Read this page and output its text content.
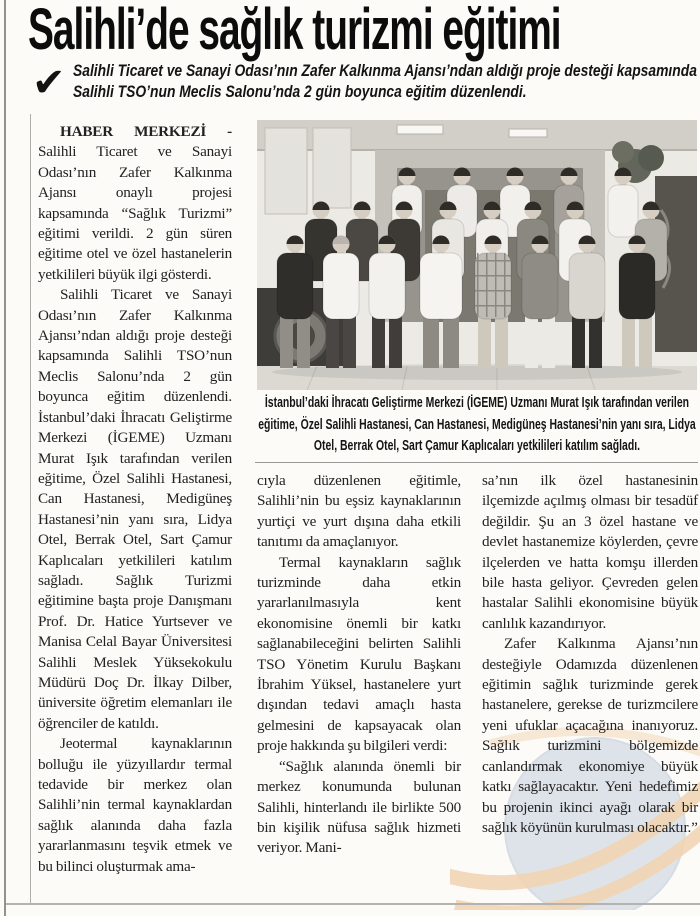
Salihli’de sağlık turizmi eğitimi
✔ Salihli Ticaret ve Sanayi Odası’nın Zafer Kalkınma Ajansı’ndan aldığı proje desteği kapsamında
Salihli TSO’nun Meclis Salonu’nda 2 gün boyunca eğitim düzenlendi.
İstanbul’daki İhracatı Geliştirme Merkezi (İGEME) Uzmanı Murat Işık tarafından verilen eğitime, Özel Salihli Hastanesi, Can Hastanesi, Medigüneş Hastanesi’nin yanı sıra, Lidya Otel, Berrak Otel, Sart Çamur Kaplıcaları yetkilileri katılım sağladı.

HABER MERKEZİ - Salihli Ticaret ve Sanayi Odası’nın Zafer Kalkınma Ajansı onaylı projesi kapsamında “Sağlık Turizmi” eğitimi verildi. 2 gün süren eğitime otel ve özel hastanelerin yetkilileri büyük ilgi gösterdi.

Salihli Ticaret ve Sanayi Odası’nın Zafer Kalkınma Ajansı’ndan aldığı proje desteği kapsamında Salihli TSO’nun Meclis Salonu’nda 2 gün boyunca eğitim düzenlendi. İstanbul’daki İhracatı Geliştirme Merkezi (İGEME) Uzmanı Murat Işık tarafından verilen eğitime, Özel Salihli Hastanesi, Can Hastanesi, Medigüneş Hastanesi’nin yanı sıra, Lidya Otel, Berrak Otel, Sart Çamur Kaplıcaları yetkilileri katılım sağladı. Sağlık Turizmi eğitimine başta proje Danışmanı Prof. Dr. Hatice Yurtsever ve Manisa Celal Bayar Üniversitesi Salihli Meslek Yüksekokulu Müdürü Doç Dr. İlkay Dilber, üniversite öğretim elemanları ile öğrenciler de katıldı.

Jeotermal kaynaklarının bolluğu ile yüzyıllardır termal tedavide bir merkez olan Salihli’nin termal kaynaklardan sağlık alanında daha fazla yararlanmasını teşvik etmek ve bu bilinci oluşturmak ama-

cıyla düzenlenen eğitimle, Salihli’nin bu eşsiz kaynaklarının yurtiçi ve yurt dışına daha etkili tanıtımı da amaçlanıyor.

Termal kaynakların sağlık turizminde daha etkin yararlanılmasıyla kent ekonomisine önemli bir katkı sağlanabileceğini belirten Salihli TSO Yönetim Kurulu Başkanı İbrahim Yüksel, hastanelere yurt dışından tedavi amaçlı hasta gelmesini de kapsayacak olan proje hakkında şu bilgileri verdi:

“Sağlık alanında önemli bir merkez konumunda bulunan Salihli, hinterlandı ile birlikte 500 bin kişilik nüfusa sağlık hizmeti veriyor. Mani-

sa’nın ilk özel hastanesinin ilçemizde açılmış olması bir tesadüf değildir. Şu an 3 özel hastane ve devlet hastanemize köylerden, çevre ilçelerden ve hatta komşu illerden bile hasta geliyor. Çevreden gelen hastalar Salihli ekonomisine büyük canlılık kazandırıyor.

Zafer Kalkınma Ajansı’nın desteğiyle Odamızda düzenlenen eğitimin sağlık turizminde gerek hastanelere, gerekse de turizmcilere yeni ufuklar açacağına inanıyoruz. Sağlık turizmini bölgemizde canlandırmak ekonomiye büyük katkı sağlayacaktır. Yeni hedefimiz bu projenin ikinci ayağı olarak bir sağlık köyünün kurulması olacaktır.”
